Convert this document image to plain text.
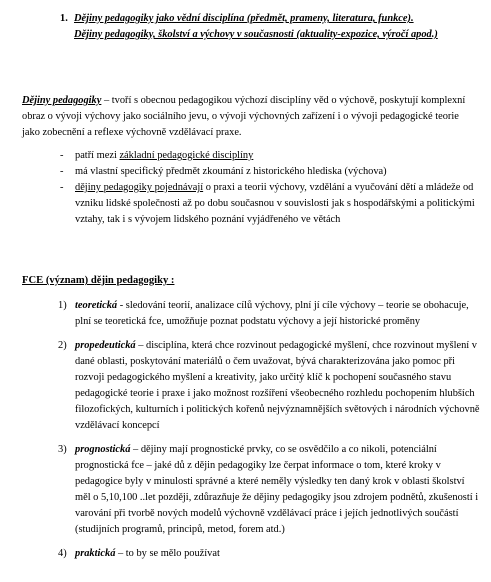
1. Dějiny pedagogiky jako vědní disciplína (předmět, prameny, literatura, funkce).
Dějiny pedagogiky, školství a výchovy v současnosti (aktuality-expozice, výročí apod.)
Dějiny pedagogiky – tvoří s obecnou pedagogikou výchozí disciplíny věd o výchově, poskytují komplexní obraz o vývoji výchovy jako sociálního jevu, o vývoji výchovných zařízení i o vývoji pedagogické teorie jako zobecnění a reflexe výchovně vzdělávací praxe.
- patří mezi základní pedagogické disciplíny
- má vlastní specifický předmět zkoumání z historického hlediska (výchova)
- dějiny pedagogiky pojednávají o praxi a teorii výchovy, vzdělání a vyučování dětí a mládeže od vzniku lidské společnosti až po dobu současnou v souvislosti jak s hospodářskými a politickými vztahy, tak i s vývojem lidského poznání vyjádřeného ve větách
FCE (význam) dějin pedagogiky :
1) teoretická - sledování teorií, analizace cílů výchovy, plní jí cíle výchovy – teorie se obohacuje, plní se teoretická fce, umožňuje poznat podstatu výchovy a její historické proměny
2) propedeutická – disciplína, která chce rozvinout pedagogické myšlení, chce rozvinout myšlení v dané oblasti, poskytování materiálů o čem uvažovat, bývá charakterizována jako pomoc při rozvoji pedagogického myšlení a kreativity, jako určitý klíč k pochopení současného stavu pedagogické teorie i praxe i jako možnost rozšíření všeobecného rozhledu pochopením hlubších filozofických, kulturních i politických kořenů nejvýznamnějších světových i národních výchovně vzdělávací koncepcí
3) prognostická – dějiny mají prognostické prvky, co se osvědčilo a co nikoli, potenciální prognostická fce – jaké dů z dějin pedagogiky lze čerpat informace o tom, které kroky v pedagogice byly v minulosti správné a které neměly výsledky ten daný krok v oblasti školství měl o 5,10,100 ..let později, zdůrazňuje že dějiny pedagogiky jsou zdrojem podnětů, zkušeností i varování při tvorbě nových modelů výchovně vzdělávací práce i jejích jednotlivých součástí (studijních programů, principů, metod, forem atd.)
4) praktická – to by se mělo používat
